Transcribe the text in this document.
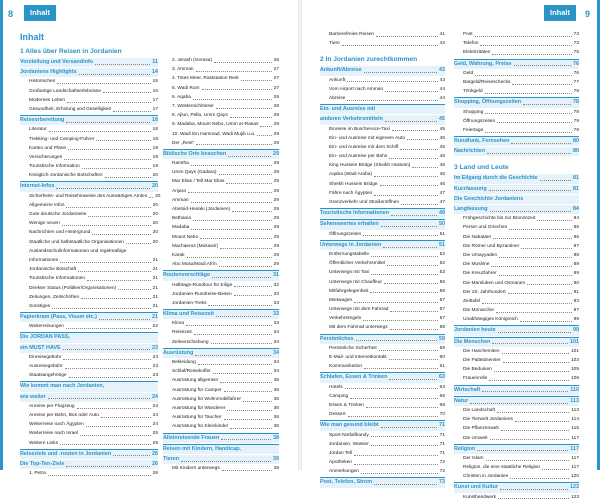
8	Inhalt	9
Inhalt
Inhalt
1 Alles über Reisen in Jordanien
Vorstellung und Versandinfo	11
Jordaniens Highlights	14
Historisches	15
Großartige Landschaftserlebnisse	16
Modernes Leben	17
Gesundheit, Erholung und Geselligkeit	17
Reiseorbereitung	18
Literatur	18
Trekking- und Camping-Führer	18
Karten und Pläne	19
Versicherungen	19
Touristische Information	19
Königlich-Jordanische Botschaften	20
Internet-Infos	20
Sicherheits- und Reisehinweise des Auswärtigen Amtes 20
Allgemeine Infos	20
Gute deutsche Jordanseite	20
Wenige neuen	20
Nachrichten und Hintergrund	20
Staatliche und halbstaatliche Organisationen	20
Auslandsschulinformationen und regelmäßige
Informationen	21
Jordanische Botschaft	21
Touristische Informationen	21
Direkter Status (Politiker/Organisationen)	21
Zeitungen, Zeitschriften	21
Sonstiges	21
Papierkram (Pass, Visum etc.)	21
Weiterreisungen	22
Die JORDAN PASS,
ein MUST HAVE	23
Einreisegebühr	23
Ausreisegebühr	23
Staatsangehörige	23
Wie kommt man nach Jordanien,
wie weiter	24
Anreise per Flugzeug	24
Anreise per Bahn, Bus oder Auto	24
Weiterreise nach Ägypten	24
Weiterreise nach Israel	25
Weitere Links	25
Reiseziele und -routen in Jordanien	26
Die Top-Ten-Ziele	26
1. Petra	26
2. Jerash (Gerasa)	26
3. Amman	27
4. Totes Meer, Raststation Rest	27
5. Wadi Rum	27
6. Aqaba	28
7. Wüstenschlösser	28
8. Ajlun, Pella, Umm Qays	28
9. Madaba, Mount Nebo, Umm ar-Rasas	29
10. Wadi Ibn Hammad, Wadi Mujib u.a.	29
Der „Rest“	29
Biblische Orte besuchen	29
Ramtha	29
Umm Qays (Gadara)	29
Mar Elias / Tell Mar Elias	29
Anjara	29
Amman	29
Abeloid-Heiraki (Jordanien)	29
Bethania	29
Madaba	29
Mount Nebo	29
Machaerus (Mukawir)	29
Karak	29
Abu Musa/Wadi Afrin	29
Routenvorschläge	31
Halbtags-Rundtour für Eilige	32
Jordanien-Rundreise-Bieten	33
Jordanien-Treks	33
Klima und Reisezeit	33
Klima	33
Reisezeit	34
Zeitverschiebung	34
Ausrüstung	34
Bekleidung	34
Schlaf/Reisekoffer	34
Ausrüstung allgemein	35
Ausrüstung für Camper	35
Ausrüstung für Wohnmobilfahrer	36
Ausrüstung für Wanderer	36
Ausrüstung für Taucher	36
Ausrüstung für Kleinkinder	36
Alleinreisende Frauen	38
Reisen mit Kindern, Handicap,
Tieren	39
Mit Kindern unterwegs	39
Barrierefreies Reisen	41
Tiere	42
2 In Jordanien zurechtkommen
Ankunft/Abreise	43
Ankunft	43
Vom Airport nach Amman	44
Abreise	44
Ein- und Ausreise mit
anderen Verkehrsmitteln	45
Einreise im Bus/Service-Taxi	45
Ein- und Ausreise mit eigenem Auto	45
Ein- und Ausreise mit dem Schiff	45
Ein- und Ausreise per Bahn	46
King Hussein Bridge (Sheikh Hussein)	46
Aqaba (Wadi Araba)	46
Sheikh Hussein Bridge	46
Fähre nach Ägypten	47
Grenzverkehr und Straßenöffnen	47
Touristische Informationen	49
Sehenswertes erhalten	50
Öffnungszeiten	51
Unterwegs in Jordanien	51
Entfernungstabelle	52
Öffentlicher Verkehrsmittel	52
Unterwegs mit Taxi	53
Unterwegs mit Chauffeur	55
Mitfahrgelegenheit	56
Mietwagen	57
Unterwegs mit dem Fahrrad	57
Verkehrsregeln	57
Mit dem Fahrrad unterwegs	58
Persönliches	59
Persönliche Sicherheit	59
E-Mail- und Internetkontakt	60
Kommunikation	61
Schlafen, Essen & Trinken	63
Hotels	63
Camping	66
Essen & Trinken	68
Dessert	70
Wie man gesund bleibt	71
Sport-Notfallhandy	71
Jordanien, Wasser	71
Jordan Tell	71
Apotheken	72
Anmerkungen	72
Post, Telefon, Strom	73
Post	73
Telefon	73
Elektrizitäten	75
Geld, Währung, Preise	76
Geld	76
Bargeld/Reiseschecks	77
Trinkgeld	78
Shopping, Öffnungszeiten	78
Shopping	78
Öffnungszeiten	79
Feiertage	79
Rundfunk, Fernsehen	80
Nachrichten	80
3 Land und Leute
Im Eilgang durch die Geschichte	81
Kurzfassung	81
Die Geschichte Jordaniens
Langfassung	84
Frühgeschichte bis zur Bronzezeit	84
Perser und Griechen	86
Die Nabatäer	86
Die Römer und Byzantiner	87
Die Umayyaden	88
Die Muslime	89
Die Kreuzfahrer	89
Die Mamluken und Osmanen	90
Der 20. Jahrhundert	91
Zeittafel	93
Die Monarchie	97
Unabhängiges Königreich	99
Jordanien heute	99
Die Menschen	101
Die Haschemiten	101
Die Palästinenser	103
Die Beduinen	105
Frauenrolle	106
Wirtschaft	110
Natur	113
Die Landschaft	113
Die Tierwelt Jordaniens	114
Die Pflanzenwelt	115
Die Umwelt	117
Religion	117
Der Islam	117
Religion, die eine staatliche Religion	117
Christen in Jordanien	120
Kunst und Kultur	123
Kunsthandwerk	123
